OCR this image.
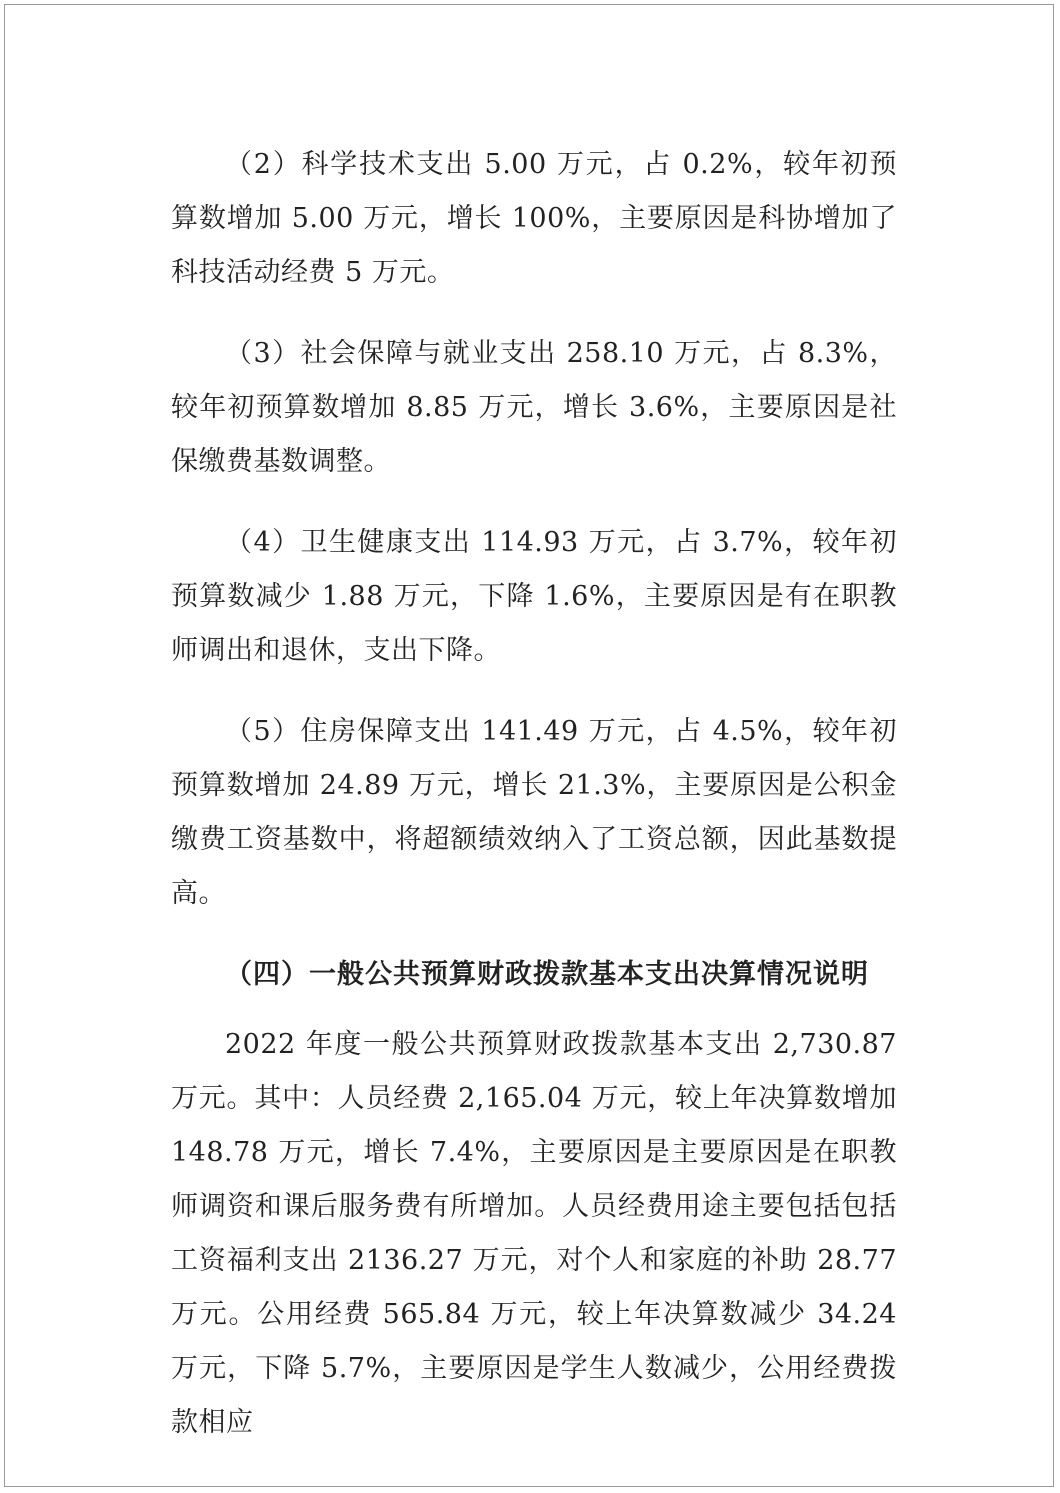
（2）科学技术支出 5.00 万元，占 0.2%，较年初预算数增加 5.00 万元，增长 100%，主要原因是科协增加了科技活动经费 5 万元。

（3）社会保障与就业支出 258.10 万元，占 8.3%，较年初预算数增加 8.85 万元，增长 3.6%，主要原因是社保缴费基数调整。

（4）卫生健康支出 114.93 万元，占 3.7%，较年初预算数减少 1.88 万元，下降 1.6%，主要原因是有在职教师调出和退休，支出下降。

（5）住房保障支出 141.49 万元，占 4.5%，较年初预算数增加 24.89 万元，增长 21.3%，主要原因是公积金缴费工资基数中，将超额绩效纳入了工资总额，因此基数提高。

（四）一般公共预算财政拨款基本支出决算情况说明

2022 年度一般公共预算财政拨款基本支出 2,730.87 万元。其中：人员经费 2,165.04 万元，较上年决算数增加 148.78 万元，增长 7.4%，主要原因是主要原因是在职教师调资和课后服务费有所增加。人员经费用途主要包括包括工资福利支出 2136.27 万元，对个人和家庭的补助 28.77 万元。公用经费 565.84 万元，较上年决算数减少 34.24 万元，下降 5.7%，主要原因是学生人数减少，公用经费拨款相应
